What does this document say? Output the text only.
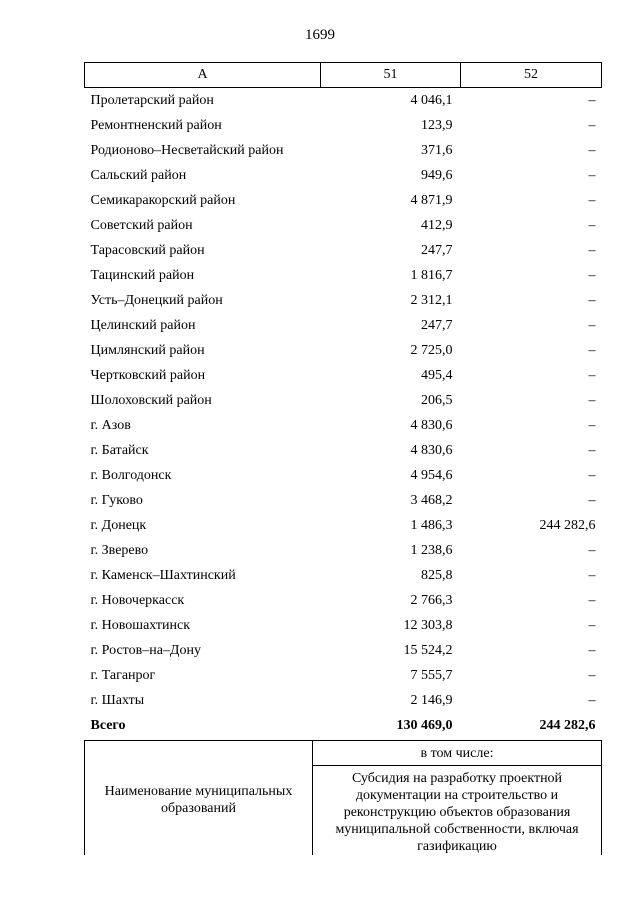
1699
А	51	52
Пролетарский район	4 046,1	–
Ремонтненский район	123,9	–
Родионово–Несветайский район	371,6	–
Сальский район	949,6	–
Семикаракорский район	4 871,9	–
Советский район	412,9	–
Тарасовский район	247,7	–
Тацинский район	1 816,7	–
Усть–Донецкий район	2 312,1	–
Целинский район	247,7	–
Цимлянский район	2 725,0	–
Чертковский район	495,4	–
Шолоховский район	206,5	–
г. Азов	4 830,6	–
г. Батайск	4 830,6	–
г. Волгодонск	4 954,6	–
г. Гуково	3 468,2	–
г. Донецк	1 486,3	244 282,6
г. Зверево	1 238,6	–
г. Каменск–Шахтинский	825,8	–
г. Новочеркасск	2 766,3	–
г. Новошахтинск	12 303,8	–
г. Ростов–на–Дону	15 524,2	–
г. Таганрог	7 555,7	–
г. Шахты	2 146,9	–
Всего	130 469,0	244 282,6
Наименование муниципальных образований	в том числе:
Субсидия на разработку проектной документации на строительство и реконструкцию объектов образования муниципальной собственности, включая газификацию
